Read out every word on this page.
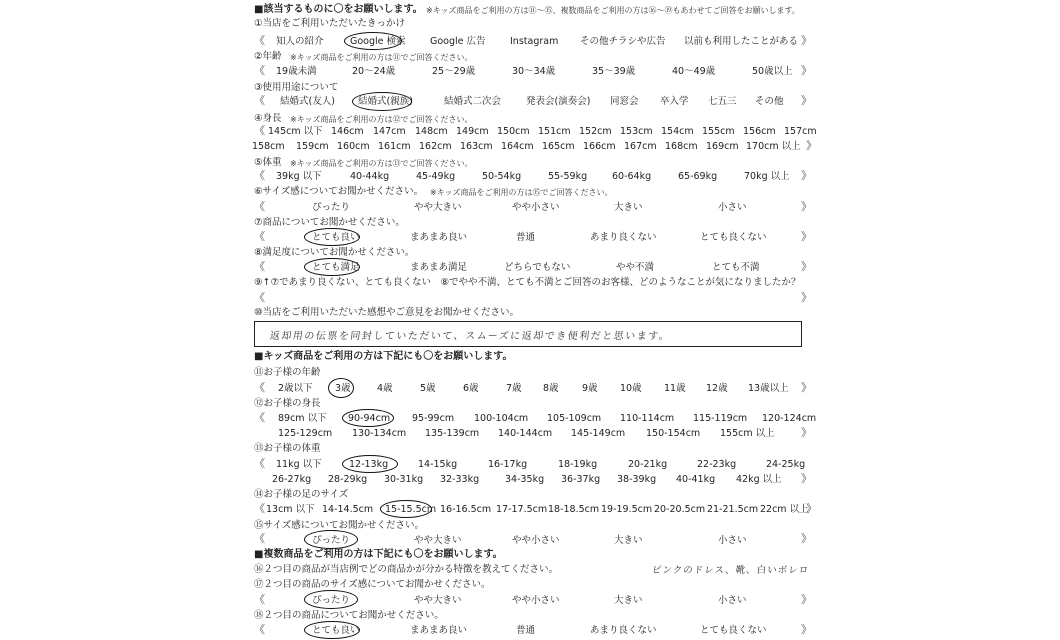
■該当するものに〇をお願いします。 ※キッズ商品をご利用の方は⑪〜⑮、複数商品をご利用の方は⑯〜⑲もあわせてご回答をお願いします。
①当店をご利用いただいたきっかけ
《 知人の紹介	Google 検索	Google 広告	Instagram その他チラシや広告 以前も利用したことがある 》
②年齢 ※キッズ商品をご利用の方は⑪でご回答ください。
《 19歳未満	20〜24歳	25〜29歳	30〜34歳	35〜39歳	40〜49歳	50歳以上 》
③使用用途について
《 結婚式(友人) 結婚式(親族)	結婚式二次会	発表会(演奏会) 同窓会 卒入学 七五三 その他 》
④身長 ※キッズ商品をご利用の方は⑫でご回答ください。
《 145cm 以下 146cm 147cm 148cm 149cm 150cm 151cm 152cm 153cm 154cm 155cm 156cm 157cm
158cm 159cm 160cm 161cm 162cm 163cm 164cm 165cm 166cm 167cm 168cm 169cm 170cm 以上 》
⑤体重 ※キッズ商品をご利用の方は⑬でご回答ください。
《 39kg 以下	40-44kg	45-49kg	50-54kg	55-59kg	60-64kg	65-69kg	70kg 以上 》
⑥サイズ感についてお聞かせください。 ※キッズ商品をご利用の方は⑮でご回答ください。
《	ぴったり	やや大きい	やや小さい	大きい	小さい	》
⑦商品についてお聞かせください。
《	とても良い	まあまあ良い	普通	あまり良くない	とても良くない	》
⑧満足度についてお聞かせください。
《	とても満足	まあまあ満足	どちらでもない	やや不満	とても不満	》
⑨↑⑦であまり良くない、とても良くない　⑧でやや不満、とても不満とご回答のお客様、どのようなことが気になりましたか？
《	》
⑩当店をご利用いただいた感想やご意見をお聞かせください。
返却用の伝票を同封していただいて、スムーズに返却でき便利だと思います。
■キッズ商品をご利用の方は下記にも〇をお願いします。
⑪お子様の年齢
《 2歳以下 3歳	4歳	5歳	6歳	7歳 8歳 9歳 10歳 11歳 12歳 13歳以上 》
⑫お子様の身長
《 89cm 以下 90-94cm 95-99cm 100-104cm 105-109cm 110-114cm 115-119cm 120-124cm
125-129cm 130-134cm 135-139cm 140-144cm 145-149cm 150-154cm 155cm 以上 》
⑬お子様の体重
《 11kg 以下	12-13kg	14-15kg	16-17kg	18-19kg	20-21kg	22-23kg	24-25kg
26-27kg 28-29kg 30-31kg 32-33kg	34-35kg 36-37kg 38-39kg 40-41kg 42kg 以上 》
⑭お子様の足のサイズ
《 13cm 以下 14-14.5cm 15-15.5cm 16-16.5cm 17-17.5cm 18-18.5cm 19-19.5cm 20-20.5cm 21-21.5cm 22cm 以上
》
⑮サイズ感についてお聞かせください。
《	ぴったり	やや大きい	やや小さい	大きい	小さい	》
■複数商品をご利用の方は下記にも〇をお願いします。
⑯２つ目の商品が当店例でどの商品かが分かる特徴を教えてください。	ピンクのドレス、靴、白いボレロ
⑰２つ目の商品のサイズ感についてお聞かせください。
《	ぴったり	やや大きい	やや小さい	大きい	小さい	》
⑱２つ目の商品についてお聞かせください。
《	とても良い	まあまあ良い	普通	あまり良くない	とても良くない	》
